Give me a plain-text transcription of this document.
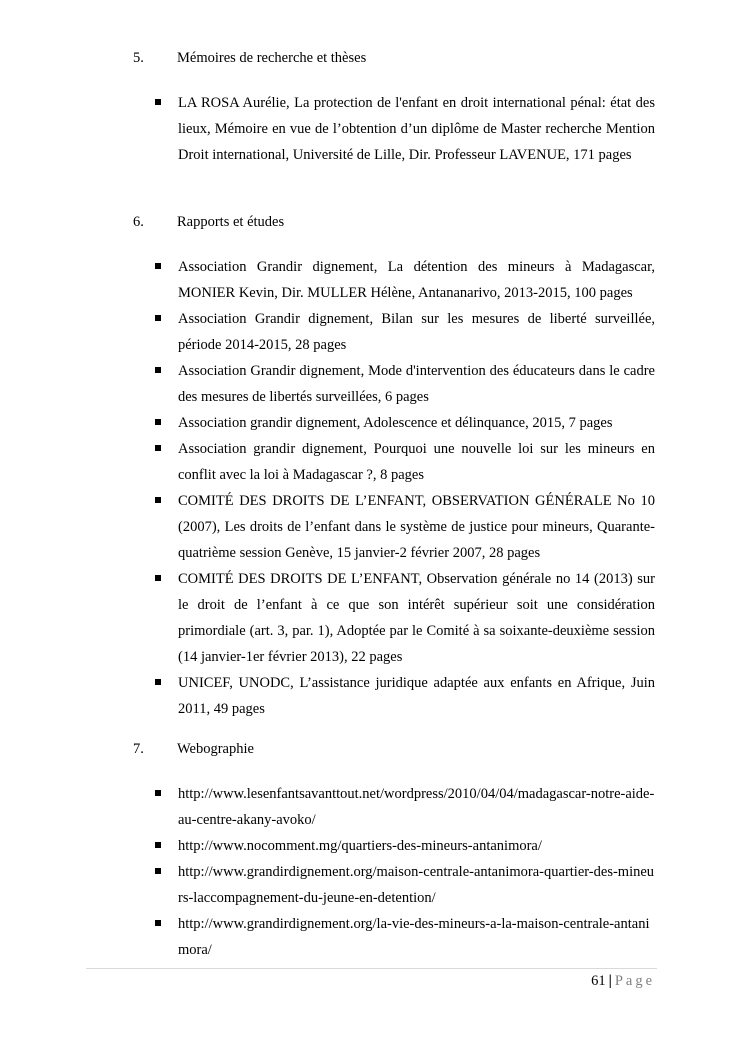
5. Mémoires de recherche et thèses
LA ROSA Aurélie, La protection de l'enfant en droit international pénal: état des lieux, Mémoire en vue de l’obtention d’un diplôme de Master recherche Mention Droit international, Université de Lille, Dir. Professeur LAVENUE, 171 pages
6. Rapports et études
Association Grandir dignement, La détention des mineurs à Madagascar, MONIER Kevin, Dir. MULLER Hélène, Antananarivo, 2013-2015, 100 pages
Association Grandir dignement, Bilan sur les mesures de liberté surveillée, période 2014-2015, 28 pages
Association Grandir dignement, Mode d'intervention des éducateurs dans le cadre des mesures de libertés surveillées, 6 pages
Association grandir dignement, Adolescence et délinquance, 2015, 7 pages
Association grandir dignement, Pourquoi une nouvelle loi sur les mineurs en conflit avec la loi à Madagascar ?, 8 pages
COMITÉ DES DROITS DE L’ENFANT, OBSERVATION GÉNÉRALE No 10 (2007), Les droits de l’enfant dans le système de justice pour mineurs, Quarante-quatrième session Genève, 15 janvier-2 février 2007, 28 pages
COMITÉ DES DROITS DE L’ENFANT, Observation générale no 14 (2013) sur le droit de l’enfant à ce que son intérêt supérieur soit une considération primordiale (art. 3, par. 1), Adoptée par le Comité à sa soixante-deuxième session (14 janvier-1er février 2013), 22 pages
UNICEF, UNODC, L’assistance juridique adaptée aux enfants en Afrique, Juin 2011, 49 pages
7. Webographie
http://www.lesenfantsavanttout.net/wordpress/2010/04/04/madagascar-notre-aide-au-centre-akany-avoko/
http://www.nocomment.mg/quartiers-des-mineurs-antanimora/
http://www.grandirdignement.org/maison-centrale-antanimora-quartier-des-mineurs-laccompagnement-du-jeune-en-detention/
http://www.grandirdignement.org/la-vie-des-mineurs-a-la-maison-centrale-antanimora/
61 | Page
